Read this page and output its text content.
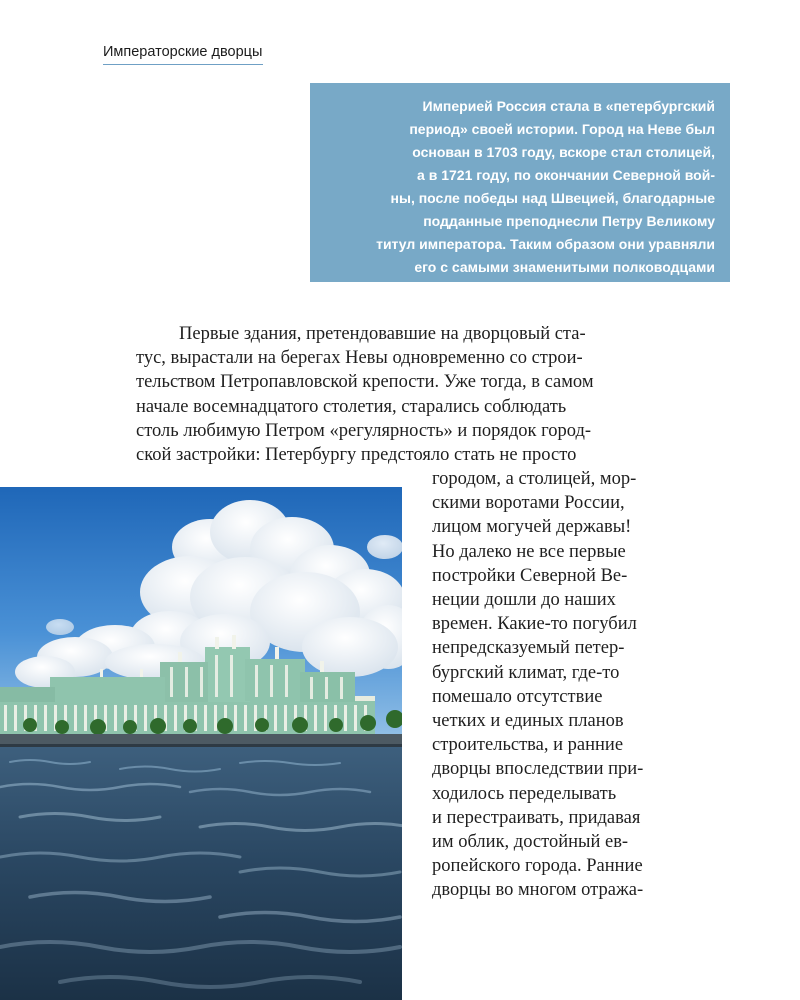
Императорские дворцы
Империей Россия стала в «петербургский
период» своей истории. Город на Неве был
основан в 1703 году, вскоре стал столицей,
а в 1721 году, по окончании Северной вой-
ны, после победы над Швецией, благодарные
подданные преподнесли Петру Великому
титул императора. Таким образом они уравняли
его с самыми знаменитыми полководцами
и повелителями всех времен.
Первые здания, претендовавшие на дворцовый ста-
тус, вырастали на берегах Невы одновременно со строи-
тельством Петропавловской крепости. Уже тогда, в самом
начале восемнадцатого столетия, старались соблюдать
столь любимую Петром «регулярность» и порядок город-
ской застройки: Петербургу предстояло стать не просто
городом, а столицей, мор-
скими воротами России,
лицом могучей державы!
Но далеко не все первые
постройки Северной Ве-
неции дошли до наших
времен. Какие-то погубил
непредсказуемый петер-
бургский климат, где-то
помешало отсутствие
четких и единых планов
строительства, и ранние
дворцы впоследствии при-
ходилось переделывать
и перестраивать, придавая
им облик, достойный ев-
ропейского города. Ранние
дворцы во многом отража-
